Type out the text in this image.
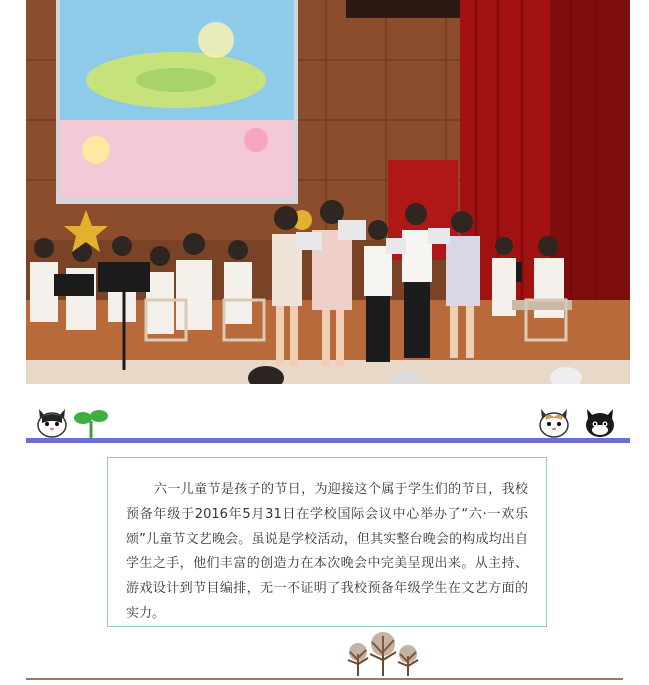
六一儿童节是孩子的节日，为迎接这个属于学生们的节日，我校预备年级于2016年5月31日在学校国际会议中心举办了“六·一欢乐颂”儿童节文艺晚会。虽说是学校活动，但其实整台晚会的构成均出自学生之手，他们丰富的创造力在本次晚会中完美呈现出来。从主持、游戏设计到节目编排，无一不证明了我校预备年级学生在文艺方面的实力。
